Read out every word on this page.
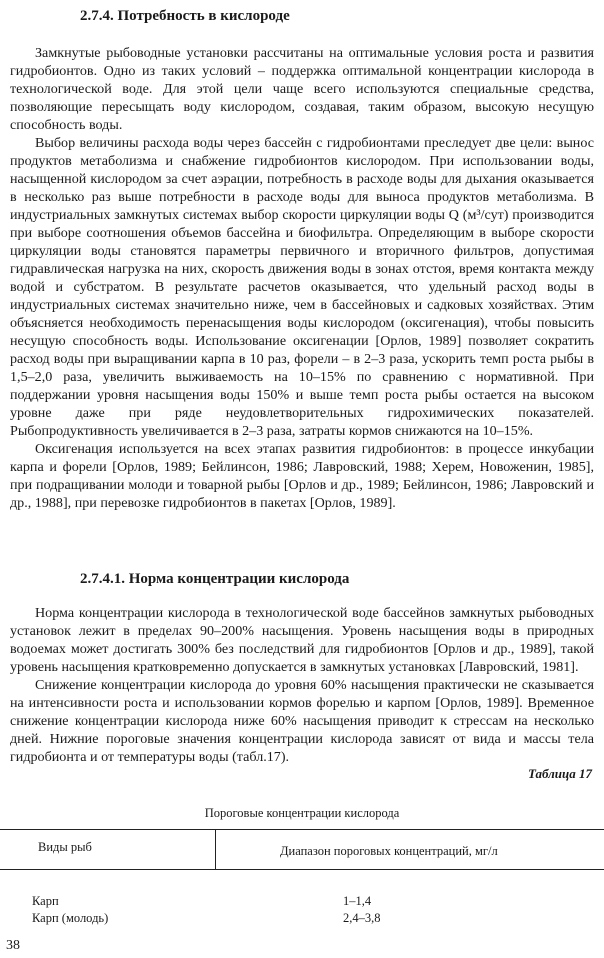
2.7.4. Потребность в кислороде

Замкнутые рыбоводные установки рассчитаны на оптимальные условия роста и развития гидробионтов. Одно из таких условий – поддержка оптимальной концентрации кислорода в технологической воде. Для этой цели чаще всего используются специальные средства, позволяющие пересыщать воду кислородом, создавая, таким образом, высокую несущую способность воды.

Выбор величины расхода воды через бассейн с гидробионтами преследует две цели: вынос продуктов метаболизма и снабжение гидробионтов кислородом. При использовании воды, насыщенной кислородом за счет аэрации, потребность в расходе воды для дыхания оказывается в несколько раз выше потребности в расходе воды для выноса продуктов метаболизма. В индустриальных замкнутых системах выбор скорости циркуляции воды Q (м³/сут) производится при выборе соотношения объемов бассейна и биофильтра. Определяющим в выборе скорости циркуляции воды становятся параметры первичного и вторичного фильтров, допустимая гидравлическая нагрузка на них, скорость движения воды в зонах отстоя, время контакта между водой и субстратом. В результате расчетов оказывается, что удельный расход воды в индустриальных системах значительно ниже, чем в бассейновых и садковых хозяйствах. Этим объясняется необходимость перенасыщения воды кислородом (оксигенация), чтобы повысить несущую способность воды. Использование оксигенации [Орлов, 1989] позволяет сократить расход воды при выращивании карпа в 10 раз, форели – в 2–3 раза, ускорить темп роста рыбы в 1,5–2,0 раза, увеличить выживаемость на 10–15% по сравнению с нормативной. При поддержании уровня насыщения воды 150% и выше темп роста рыбы остается на высоком уровне даже при ряде неудовлетворительных гидрохимических показателей. Рыбопродуктивность увеличивается в 2–3 раза, затраты кормов снижаются на 10–15%.

Оксигенация используется на всех этапах развития гидробионтов: в процессе инкубации карпа и форели [Орлов, 1989; Бейлинсон, 1986; Лавровский, 1988; Херем, Новоженин, 1985], при подращивании молоди и товарной рыбы [Орлов и др., 1989; Бейлинсон, 1986; Лавровский и др., 1988], при перевозке гидробионтов в пакетах [Орлов, 1989].

2.7.4.1. Норма концентрации кислорода

Норма концентрации кислорода в технологической воде бассейнов замкнутых рыбоводных установок лежит в пределах 90–200% насыщения. Уровень насыщения воды в природных водоемах может достигать 300% без последствий для гидробионтов [Орлов и др., 1989], такой уровень насыщения кратковременно допускается в замкнутых установках [Лавровский, 1981].

Снижение концентрации кислорода до уровня 60% насыщения практически не сказывается на интенсивности роста и использовании кормов форелью и карпом [Орлов, 1989]. Временное снижение концентрации кислорода ниже 60% насыщения приводит к стрессам на несколько дней. Нижние пороговые значения концентрации кислорода зависят от вида и массы тела гидробионта и от температуры воды (табл.17).

Таблица 17
Пороговые концентрации кислорода
Виды рыб	Диапазон пороговых концентраций, мг/л
Карп	1–1,4
Карп (молодь)	2,4–3,8
38
